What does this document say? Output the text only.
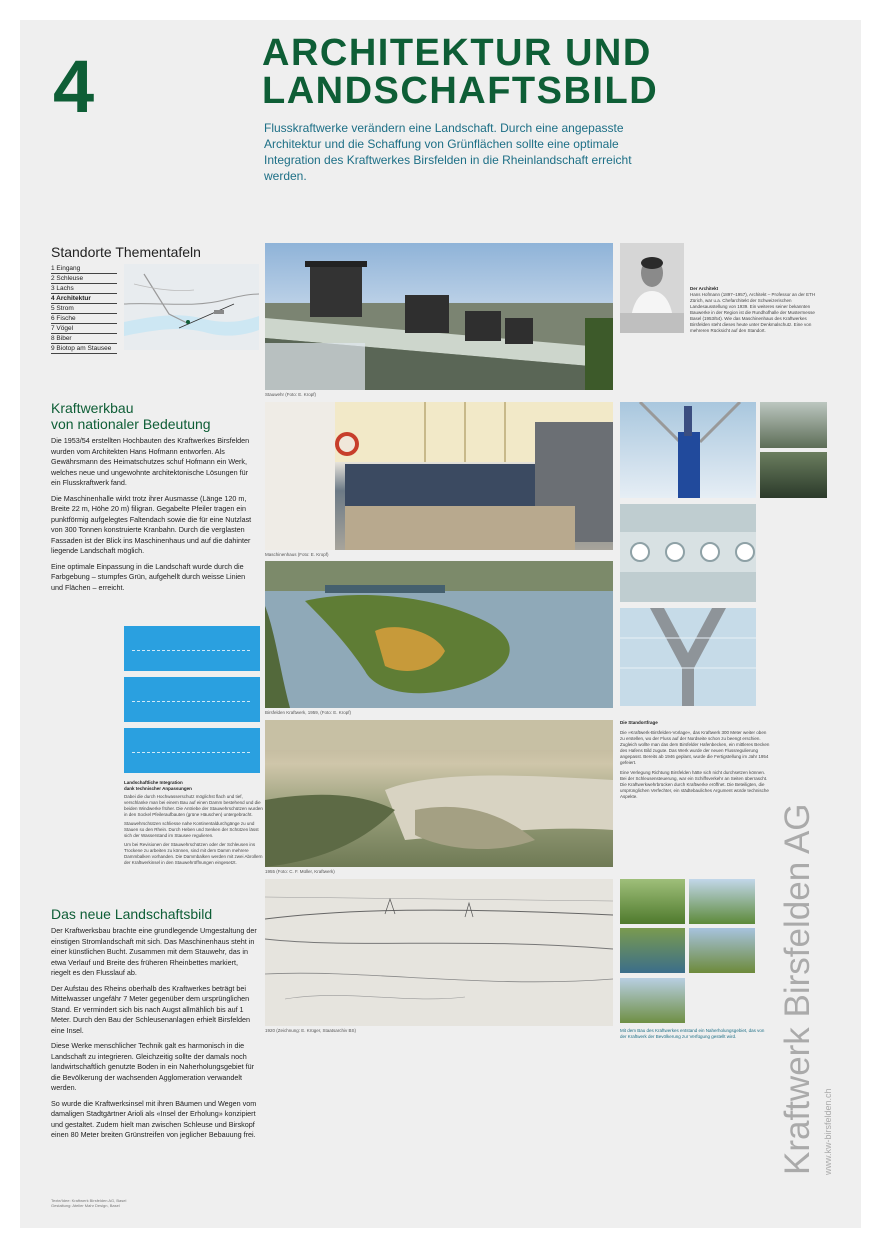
4	ARCHITEKTUR UND
LANDSCHAFTSBILD
Flusskraftwerke verändern eine Landschaft. Durch eine angepasste Architektur und die Schaffung von Grünflächen sollte eine optimale Integration des Kraftwerkes Birsfelden in die Rheinlandschaft erreicht werden.
Standorte Thementafeln
1 Eingang
2 Schleuse
3 Lachs
4 Architektur
5 Strom
6 Fische
7 Vögel
8 Biber
9 Biotop am Stausee
Stauwehr (Foto: E. Kropf)
Maschinenhaus (Foto: E. Kropf)
Birsfelden Kraftwerk, 1959, (Foto: E. Kropf)
1955 (Foto: C. F. Müller, Kraftwerk)
1920 (Zeichnung: E. Krüger, Staatsarchiv BS)
Der Architekt
Hans Hofmann (1897–1957), Architekt – Professor an der ETH Zürich, war u.a. Chefarchitekt der Schweizerischen Landesausstellung von 1939. Ein weiteres seiner bekannten Bauwerke in der Region ist die Rundhofhalle der Mustermesse Basel (1953/54). Wie das Maschinenhaus des Kraftwerkes Birsfelden steht dieses heute unter Denkmalschutz. Eine von mehreren Rücksicht auf den Standort.
Die Standortfrage
Die »Kraftwerk-Birsfelden-Vorlage«, das Kraftwerk 300 Meter weiter oben zu erstellen, wo der Fluss auf der Nordseite schon zu beengt erschien. Zugleich wollte man das dem Birsfelder Hafenbecken, ein mittleres Becken des Hafens Bild zugute. Das Werk wurde der neuen Flussregulierung angepasst. Bereits ab 1946 geplant, wurde die Fertigstellung im Jahr 1954 gefeiert.
Eine Verlegung Richtung Birsfelden hätte sich nicht durchsetzen können. Bei der Schleusensteuerung, war ein Schiffsverkehr an Seiten überrascht. Die Kraftwerkwehrbrücken durch Kraftwerke eröffnet. Die Beteiligten, die ursprünglichen Verfechter, ein städtebauliches Argument würde technische Aspekte.
Mit dem Bau des Kraftwerkes entstand ein Naherholungsgebiet, das von der Kraftwerk der Bevölkerung zur Verfügung gestellt wird.
Kraftwerkbau
von nationaler Bedeutung

Die 1953/54 erstellten Hochbauten des Kraftwerkes Birsfelden wurden vom Architekten Hans Hofmann entworfen. Als Gewährsmann des Heimatschutzes schuf Hofmann ein Werk, welches neue und ungewohnte architektonische Lösungen für ein Flusskraftwerk fand.

Die Maschinenhalle wirkt trotz ihrer Ausmasse (Länge 120 m, Breite 22 m, Höhe 20 m) filigran. Gegabelte Pfeiler tragen ein punktförmig aufgelegtes Faltendach sowie die für eine Nutzlast von 300 Tonnen konstruierte Kranbahn. Durch die verglasten Fassaden ist der Blick ins Maschinenhaus und auf die dahinter liegende Landschaft möglich.

Eine optimale Einpassung in die Landschaft wurde durch die Farbgebung – stumpfes Grün, aufgehellt durch weisse Linien und Flächen – erreicht.

Landschaftliche Integration
dank technischer Anpassungen
Dabei die durch Hochwasserschutz möglichst flach und tief, verschlanke man bei einem Bau auf einen Damm bestehend und die beiden Windwerke früher. Die Antriebe der Stauwehrschützen wurden in den Sockel Pfeileraufbauten (grüne Häuschen) untergebracht.
Stauwehrschützen schliesse nahe Kontinentaldurchgänge zu und Stauen so den Rhein. Durch Heben und Senken der Schützen lässt sich der Wasserstand im Stausee regulieren.
Um bei Revisionen der Stauwehrschützen oder der Schleusen ins Trockene zu arbeiten zu können, sind mit dem Damm mehrere Dammbalken vorhanden. Die Dammbalken werden mit zwei Abrollern der Kraftwerkinsel in den Stauwehröffnungen eingesetzt.
Das neue Landschaftsbild

Der Kraftwerksbau brachte eine grundlegende Umgestaltung der einstigen Stromlandschaft mit sich. Das Maschinenhaus steht in einer künstlichen Bucht. Zusammen mit dem Stauwehr, das in etwa Verlauf und Breite des früheren Rheinbettes markiert, riegelt es den Flusslauf ab.

Der Aufstau des Rheins oberhalb des Kraftwerkes beträgt bei Mittelwasser ungefähr 7 Meter gegenüber dem ursprünglichen Stand. Er vermindert sich bis nach Augst allmählich bis auf 1 Meter. Durch den Bau der Schleusenanlagen erhielt Birsfelden eine Insel.

Diese Werke menschlicher Technik galt es harmonisch in die Landschaft zu integrieren. Gleichzeitig sollte der damals noch landwirtschaftlich genutzte Boden in ein Naherholungsgebiet für die Bevölkerung der wachsenden Agglomeration verwandelt werden.

So wurde die Kraftwerksinsel mit ihren Bäumen und Wegen vom damaligen Stadtgärtner Arioli als «Insel der Erholung» konzipiert und gestaltet. Zudem hielt man zwischen Schleuse und Birskopf einen 80 Meter breiten Grünstreifen von jeglicher Bebauung frei.

Texte/Idee: Kraftwerk Birsfelden AG, Basel
Gestaltung: Atelier Mahr Design, Basel
Kraftwerk Birsfelden AG www.kw-birsfelden.ch
